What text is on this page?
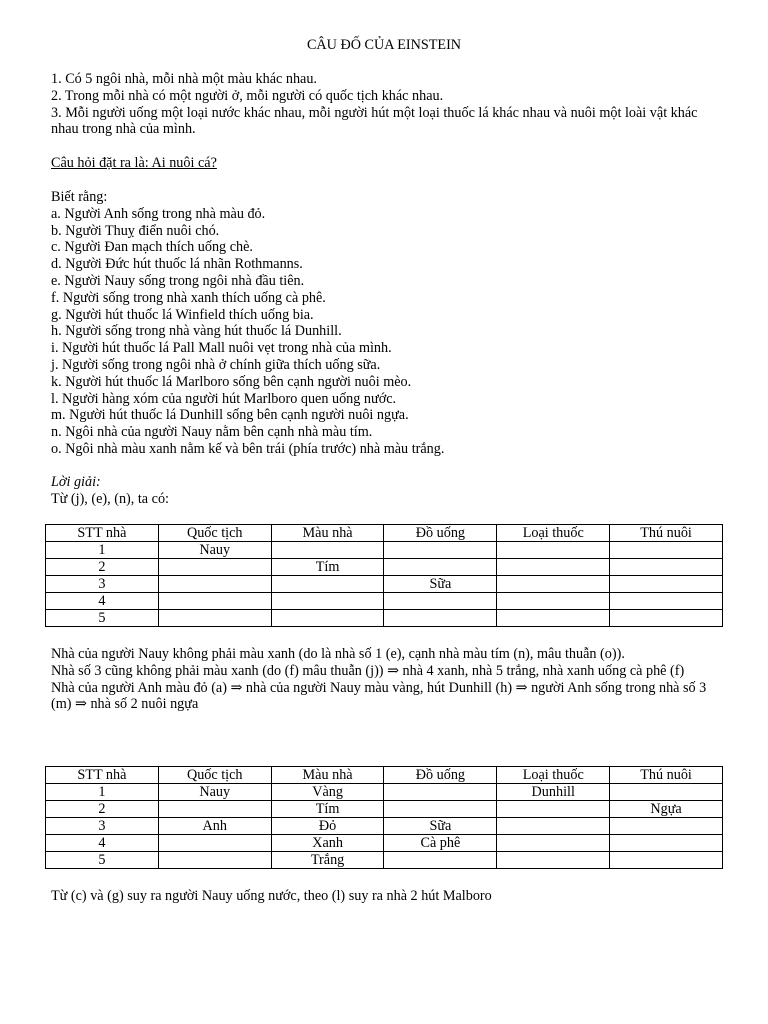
CÂU ĐỐ CỦA EINSTEIN
1. Có 5 ngôi nhà, mỗi nhà một màu khác nhau.
2. Trong mỗi nhà có một người ở, mỗi người có quốc tịch khác nhau.
3. Mỗi người uống một loại nước khác nhau, mỗi người hút một loại thuốc lá khác nhau và nuôi một loài vật khác nhau trong nhà của mình.
Câu hỏi đặt ra là: Ai nuôi cá?
Biết rằng:
a. Người Anh sống trong nhà màu đỏ.
b. Người Thuỵ điển nuôi chó.
c. Người Đan mạch thích uống chè.
d. Người Đức hút thuốc lá nhãn Rothmanns.
e. Người Nauy sống trong ngôi nhà đầu tiên.
f. Người sống trong nhà xanh thích uống cà phê.
g. Người hút thuốc lá Winfield thích uống bia.
h. Người sống trong nhà vàng hút thuốc lá Dunhill.
i. Người hút thuốc lá Pall Mall nuôi vẹt trong nhà của mình.
j. Người sống trong ngôi nhà ở chính giữa thích uống sữa.
k. Người hút thuốc lá Marlboro sống bên cạnh người nuôi mèo.
l. Người hàng xóm của người hút Marlboro quen uống nước.
m. Người hút thuốc lá Dunhill sống bên cạnh người nuôi ngựa.
n. Ngôi nhà của người Nauy nằm bên cạnh nhà màu tím.
o. Ngôi nhà màu xanh nằm kế và bên trái (phía trước) nhà màu trắng.
Lời giải:
Từ (j), (e), (n), ta có:
STT nhà	Quốc tịch	Màu nhà	Đồ uống	Loại thuốc	Thú nuôi
1	Nauy				
2		Tím			
3			Sữa		
4					
5					
Nhà của người Nauy không phải màu xanh (do là nhà số 1 (e), cạnh nhà màu tím (n), mâu thuẫn (o)).
Nhà số 3 cũng không phải màu xanh (do (f) mâu thuẫn (j)) ⇒ nhà 4 xanh, nhà 5 trắng, nhà xanh uống cà phê (f)
Nhà của người Anh màu đỏ (a) ⇒ nhà của người Nauy màu vàng, hút Dunhill (h) ⇒ người Anh sống trong nhà số 3
(m) ⇒ nhà số 2 nuôi ngựa
STT nhà	Quốc tịch	Màu nhà	Đồ uống	Loại thuốc	Thú nuôi
1	Nauy	Vàng		Dunhill	
2		Tím			Ngựa
3	Anh	Đỏ	Sữa		
4		Xanh	Cà phê		
5		Trắng			
Từ (c) và (g) suy ra người Nauy uống nước, theo (l) suy ra nhà 2 hút Malboro
